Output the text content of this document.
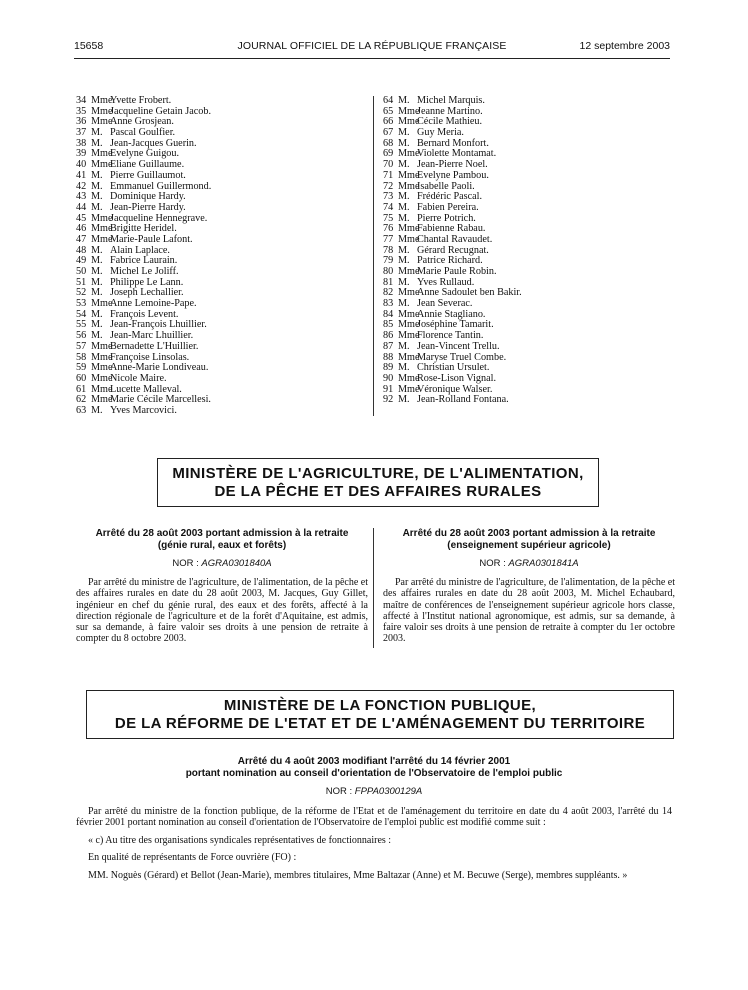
15658	JOURNAL OFFICIEL DE LA RÉPUBLIQUE FRANÇAISE	12 septembre 2003
34 MmeYvette Frobert.
35 MmeJacqueline Getain Jacob.
36 MmeAnne Grosjean.
37 M. Pascal Goulfier.
38 M. Jean-Jacques Guerin.
39 MmeEvelyne Guigou.
40 MmeEliane Guillaume.
41 M. Pierre Guillaumot.
42 M. Emmanuel Guillermond.
43 M. Dominique Hardy.
44 M. Jean-Pierre Hardy.
45 MmeJacqueline Hennegrave.
46 MmeBrigitte Heridel.
47 MmeMarie-Paule Lafont.
48 M. Alain Laplace.
49 M. Fabrice Laurain.
50 M. Michel Le Joliff.
51 M. Philippe Le Lann.
52 M. Joseph Lechallier.
53 MmeAnne Lemoine-Pape.
54 M. François Levent.
55 M. Jean-François Lhuillier.
56 M. Jean-Marc Lhuillier.
57 MmeBernadette L'Huillier.
58 MmeFrançoise Linsolas.
59 MmeAnne-Marie Londiveau.
60 MmeNicole Maire.
61 MmeLucette Malleval.
62 MmeMarie Cécile Marcellesi.
63 M. Yves Marcovici.
64 M. Michel Marquis.
65 MmeJeanne Martino.
66 MmeCécile Mathieu.
67 M. Guy Meria.
68 M. Bernard Monfort.
69 MmeViolette Montamat.
70 M. Jean-Pierre Noel.
71 MmeEvelyne Pambou.
72 MmeIsabelle Paoli.
73 M. Frédéric Pascal.
74 M. Fabien Pereira.
75 M. Pierre Potrich.
76 MmeFabienne Rabau.
77 MmeChantal Ravaudet.
78 M. Gérard Recugnat.
79 M. Patrice Richard.
80 MmeMarie Paule Robin.
81 M. Yves Rullaud.
82 MmeAnne Sadoulet ben Bakir.
83 M. Jean Severac.
84 MmeAnnie Stagliano.
85 MmeJoséphine Tamarit.
86 MmeFlorence Tantin.
87 M. Jean-Vincent Trellu.
88 MmeMaryse Truel Combe.
89 M. Christian Ursulet.
90 MmeRose-Lison Vignal.
91 MmeVéronique Walser.
92 M. Jean-Rolland Fontana.
MINISTÈRE DE L'AGRICULTURE, DE L'ALIMENTATION,
DE LA PÊCHE ET DES AFFAIRES RURALES

Arrêté du 28 août 2003 portant admission à la retraite
(génie rural, eaux et forêts)

NOR : AGRA0301840A

Par arrêté du ministre de l'agriculture, de l'alimentation, de la pêche et des affaires rurales en date du 28 août 2003, M. Jacques, Guy Gillet, ingénieur en chef du génie rural, des eaux et des forêts, affecté à la direction régionale de l'agriculture et de la forêt d'Aquitaine, est admis, sur sa demande, à faire valoir ses droits à une pension de retraite à compter du 8 octobre 2003.

Arrêté du 28 août 2003 portant admission à la retraite
(enseignement supérieur agricole)

NOR : AGRA0301841A

Par arrêté du ministre de l'agriculture, de l'alimentation, de la pêche et des affaires rurales en date du 28 août 2003, M. Michel Echaubard, maître de conférences de l'enseignement supérieur agricole hors classe, affecté à l'Institut national agronomique, est admis, sur sa demande, à faire valoir ses droits à une pension de retraite à compter du 1er octobre 2003.

MINISTÈRE DE LA FONCTION PUBLIQUE,
DE LA RÉFORME DE L'ETAT ET DE L'AMÉNAGEMENT DU TERRITOIRE

Arrêté du 4 août 2003 modifiant l'arrêté du 14 février 2001
portant nomination au conseil d'orientation de l'Observatoire de l'emploi public

NOR : FPPA0300129A

Par arrêté du ministre de la fonction publique, de la réforme de l'Etat et de l'aménagement du territoire en date du 4 août 2003, l'arrêté du 14 février 2001 portant nomination au conseil d'orientation de l'Observatoire de l'emploi public est modifié comme suit :

« c) Au titre des organisations syndicales représentatives de fonctionnaires :

En qualité de représentants de Force ouvrière (FO) :

MM. Noguès (Gérard) et Bellot (Jean-Marie), membres titulaires, Mme Baltazar (Anne) et M. Becuwe (Serge), membres suppléants. »
